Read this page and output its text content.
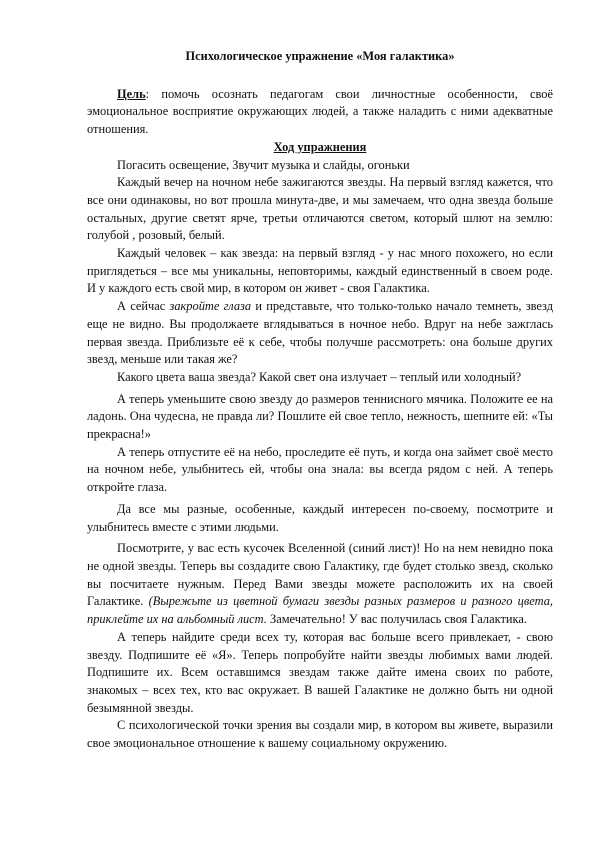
Психологическое упражнение «Моя галактика»

Цель: помочь осознать педагогам свои личностные особенности, своё эмоциональное восприятие окружающих людей, а также наладить с ними адекватные отношения.

Ход упражнения

Погасить освещение, Звучит музыка и слайды, огоньки

Каждый вечер на ночном небе зажигаются звезды. На первый взгляд кажется, что все они одинаковы, но вот прошла минута-две, и мы замечаем, что одна звезда больше остальных, другие светят ярче, третьи отличаются светом, который шлют на землю: голубой , розовый, белый.

Каждый человек – как звезда: на первый взгляд - у нас много похожего, но если приглядеться – все мы уникальны, неповторимы, каждый единственный в своем роде. И у каждого есть свой мир, в котором он живет - своя Галактика.

А сейчас закройте глаза и представьте, что только-только начало темнеть, звезд еще не видно. Вы продолжаете вглядываться в ночное небо. Вдруг на небе зажглась первая звезда. Приблизьте её к себе, чтобы получше рассмотреть: она больше других звезд, меньше или такая же?

Какого цвета ваша звезда? Какой свет она излучает – теплый или холодный?

А теперь уменьшите свою звезду до размеров теннисного мячика. Положите ее на ладонь. Она чудесна, не правда ли? Пошлите ей свое тепло, нежность, шепните ей: «Ты прекрасна!»

А теперь отпустите её на небо, проследите её путь, и когда она займет своё место на ночном небе, улыбнитесь ей, чтобы она знала: вы всегда рядом с ней. А теперь откройте глаза.

Да все мы разные, особенные, каждый интересен по-своему, посмотрите и улыбнитесь вместе с этими людьми.

Посмотрите, у вас есть кусочек Вселенной (синий лист)! Но на нем невидно пока не одной звезды. Теперь вы создадите свою Галактику, где будет столько звезд, сколько вы посчитаете нужным. Перед Вами звезды можете расположить их на своей Галактике. (Вырежьте из цветной бумаги звезды разных размеров и разного цвета, приклейте их на альбомный лист. Замечательно! У вас получилась своя Галактика.

А теперь найдите среди всех ту, которая вас больше всего привлекает, - свою звезду. Подпишите её «Я». Теперь попробуйте найти звезды любимых вами людей. Подпишите их. Всем оставшимся звездам также дайте имена своих по работе, знакомых – всех тех, кто вас окружает. В вашей Галактике не должно быть ни одной безымянной звезды.

С психологической точки зрения вы создали мир, в котором вы живете, выразили свое эмоциональное отношение к вашему социальному окружению.
